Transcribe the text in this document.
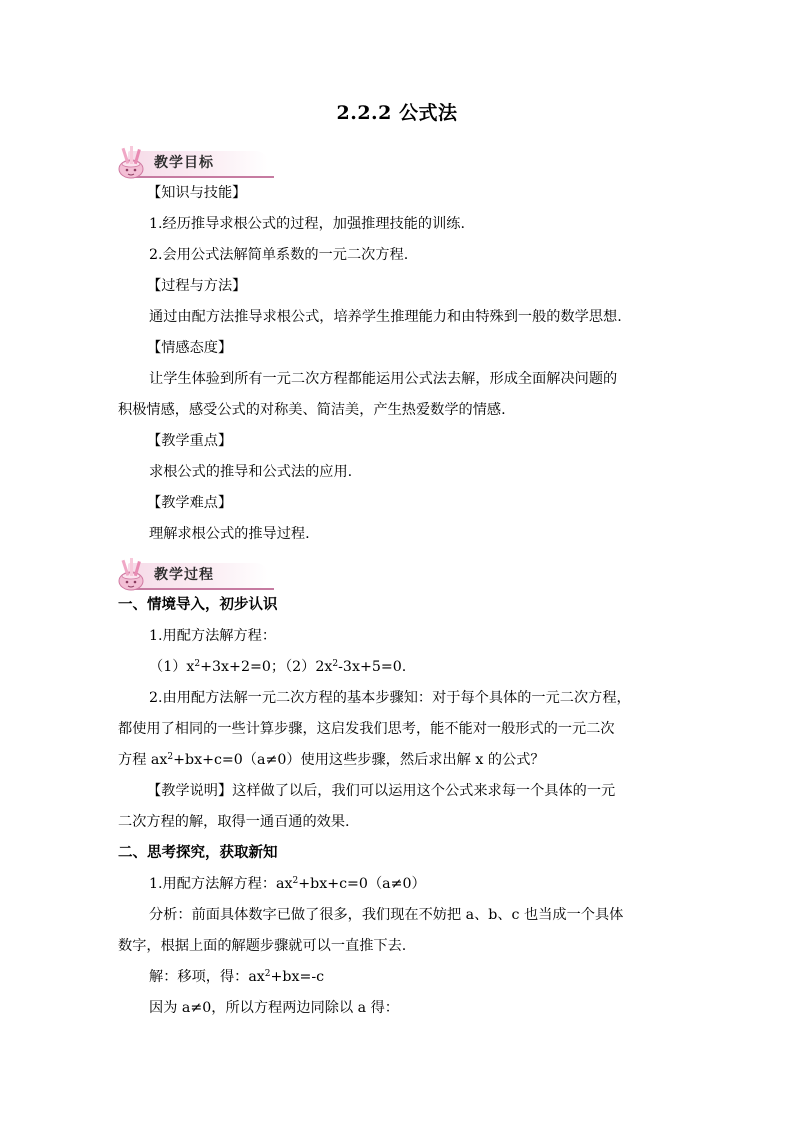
2.2.2 公式法
教学目标
【知识与技能】
1.经历推导求根公式的过程，加强推理技能的训练.
2.会用公式法解简单系数的一元二次方程.
【过程与方法】
通过由配方法推导求根公式，培养学生推理能力和由特殊到一般的数学思想.
【情感态度】
让学生体验到所有一元二次方程都能运用公式法去解，形成全面解决问题的
积极情感，感受公式的对称美、简洁美，产生热爱数学的情感.
【教学重点】
求根公式的推导和公式法的应用.
【教学难点】
理解求根公式的推导过程.
教学过程
一、情境导入，初步认识
1.用配方法解方程：
$(1)x^2+3x+2=0$；$(2)2x^2-3x+5=0$.
2.由用配方法解一元二次方程的基本步骤知：对于每个具体的一元二次方程，
都使用了相同的一些计算步骤，这启发我们思考，能不能对一般形式的一元二次
方程 $ax^2+bx+c=0(a\ne 0)$使用这些步骤，然后求出解 x 的公式？
【教学说明】这样做了以后，我们可以运用这个公式来求每一个具体的一元
二次方程的解，取得一通百通的效果.
二、思考探究，获取新知
1.用配方法解方程：$ax^2+bx+c=0(a\ne 0)$
分析：前面具体数字已做了很多，我们现在不妨把 a、b、c 也当成一个具体
数字，根据上面的解题步骤就可以一直推下去.
解：移项，得：$ax^2+bx=-c$
因为 a≠0，所以方程两边同除以 a 得：
